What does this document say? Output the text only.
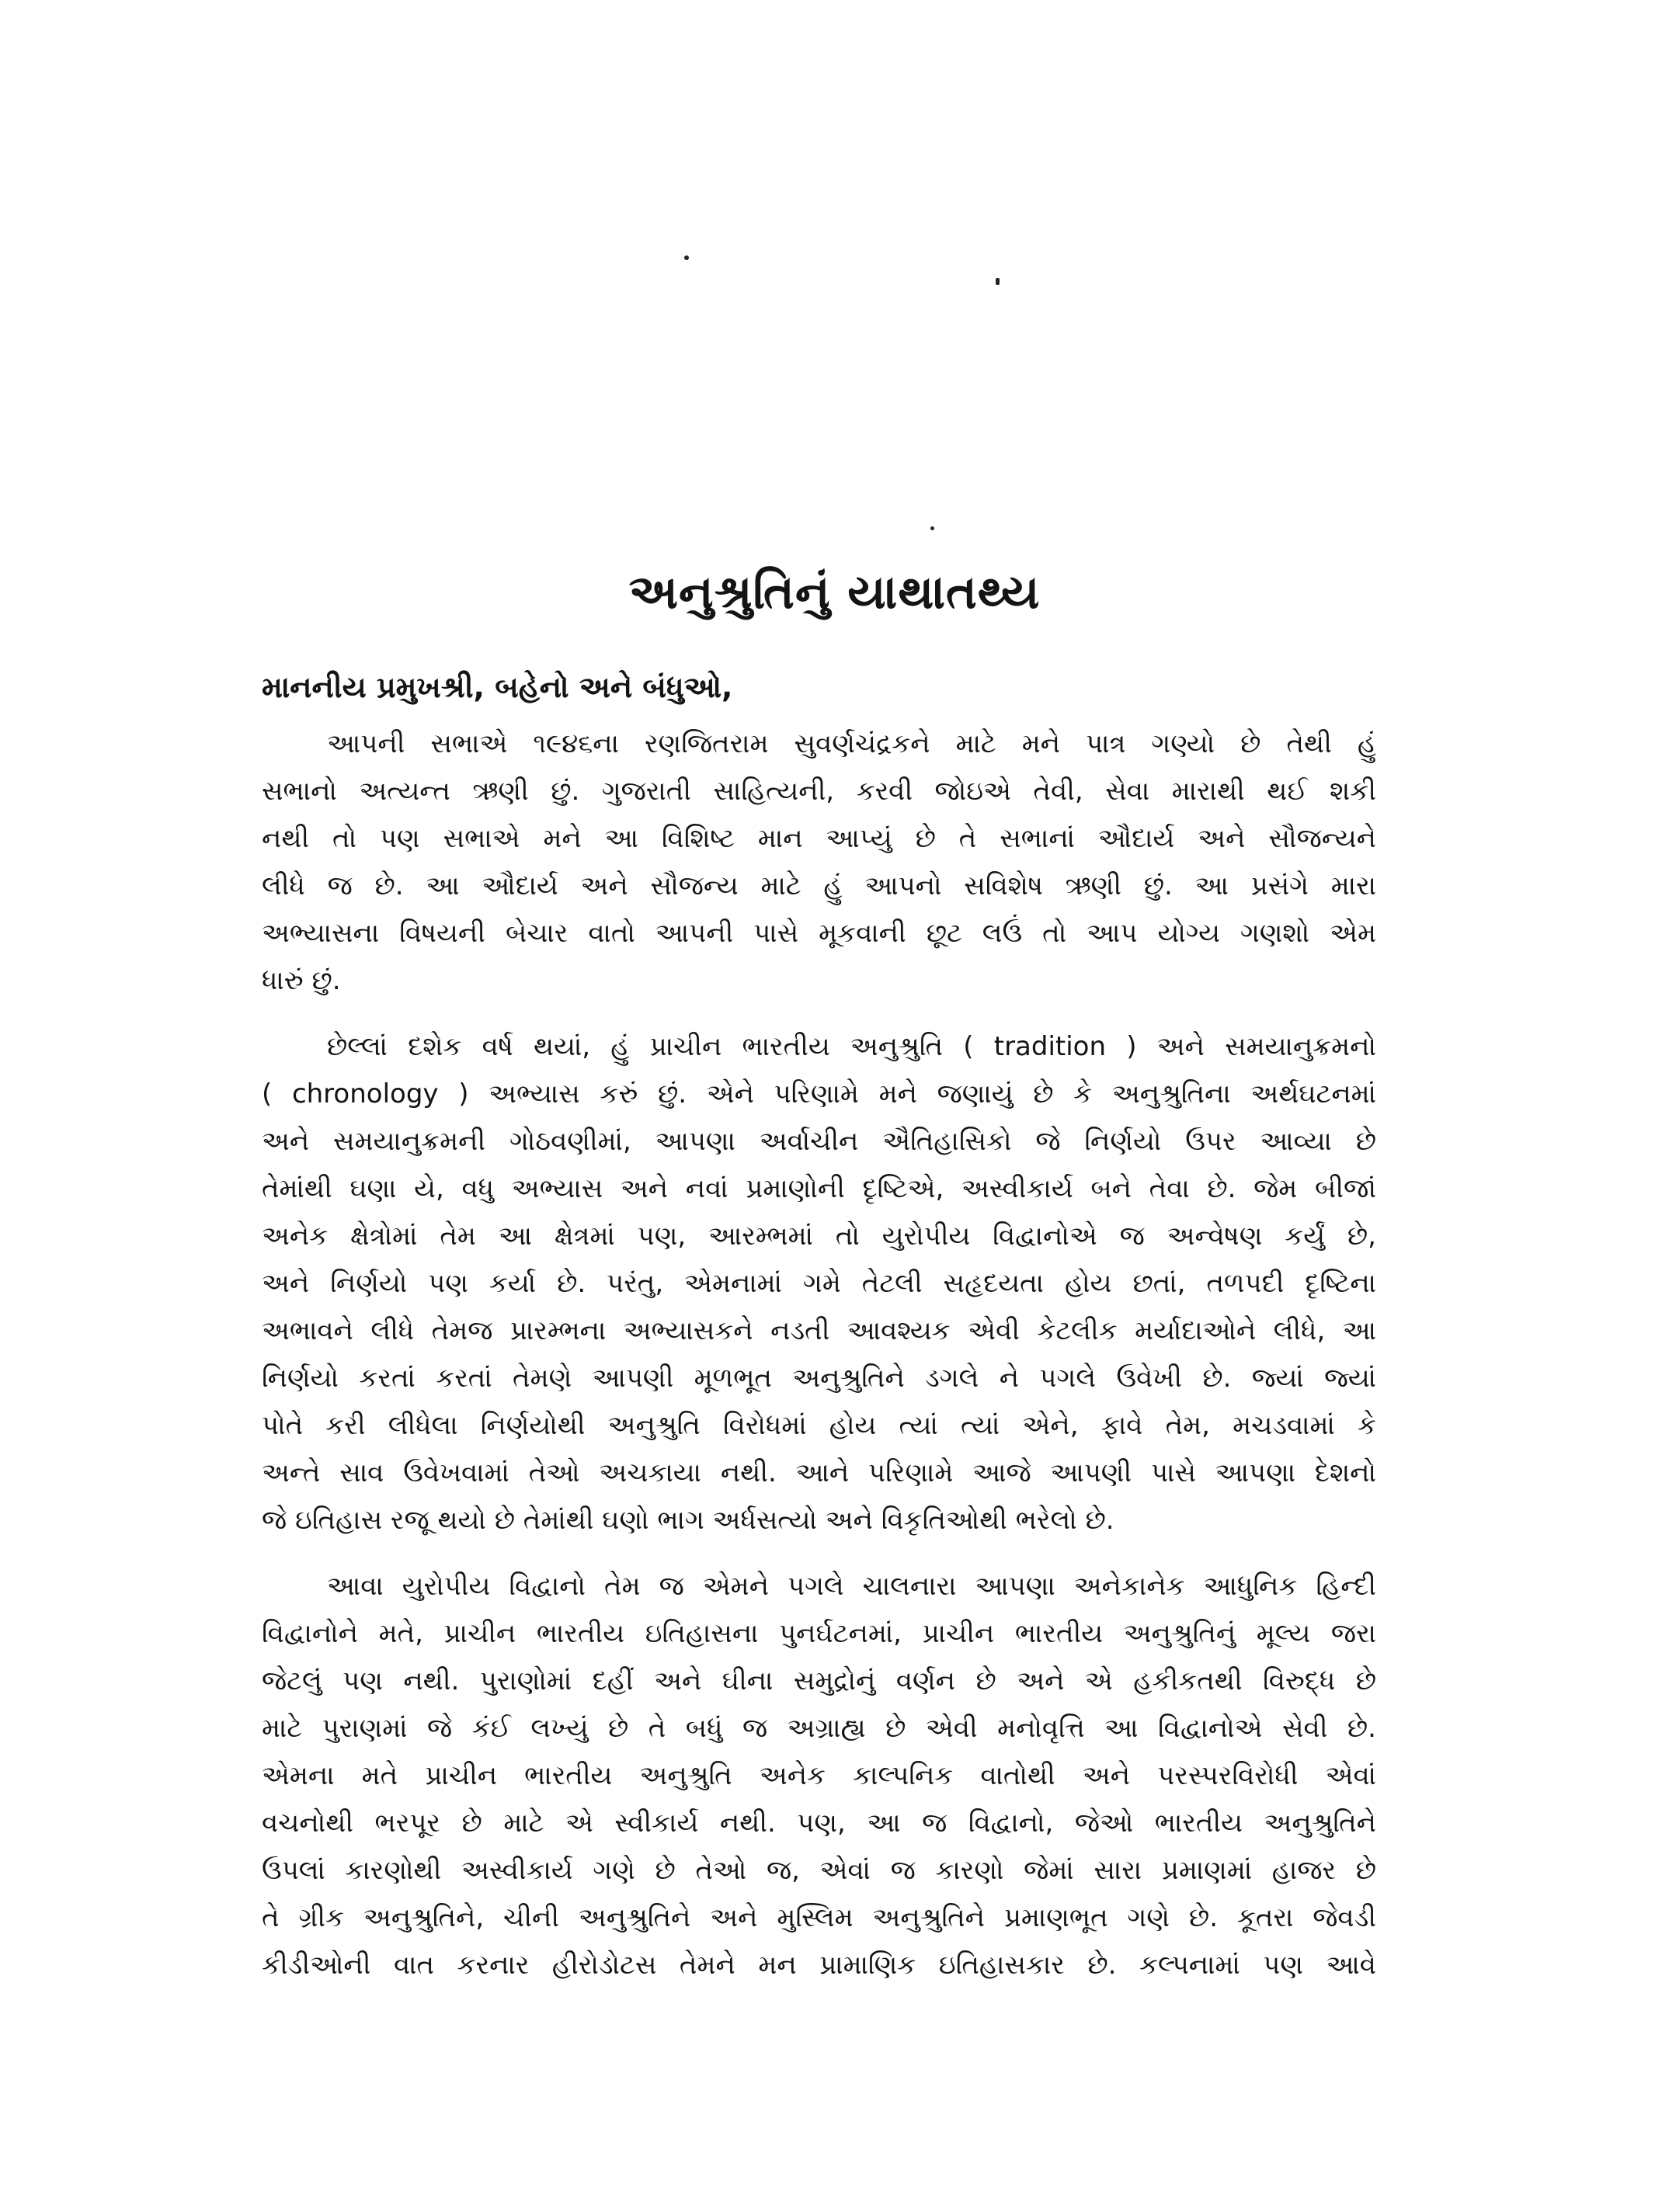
અનુશ્રુતિનું યાથાતથ્ય
માનનીય પ્રમુખશ્રી, બહેનો અને બંધુઓ,
આપની સભાએ ૧૯૪૬ના રણજિતરામ સુવર્ણચંદ્રકને માટે મને પાત્ર ગણ્યો છે તેથી હું
સભાનો અત્યન્ત ઋણી છું. ગુજરાતી સાહિત્યની, કરવી જોઇએ તેવી, સેવા મારાથી થઈ શકી
નથી તો પણ સભાએ મને આ વિશિષ્ટ માન આપ્યું છે તે સભાનાં ઔદાર્ય અને સૌજન્યને
લીધે જ છે. આ ઔદાર્ય અને સૌજન્ય માટે હું આપનો સવિશેષ ઋણી છું. આ પ્રસંગે મારા
અભ્યાસના વિષયની બેચાર વાતો આપની પાસે મૂકવાની છૂટ લઉં તો આપ યોગ્ય ગણશો એમ
ધારું છું.
છેલ્લાં દશેક વર્ષ થયાં, હું પ્રાચીન ભારતીય અનુશ્રુતિ ( tradition ) અને સમયાનુક્રમનો
( chronology ) અભ્યાસ કરું છું. એને પરિણામે મને જણાયું છે કે અનુશ્રુતિના અર્થઘટનમાં
અને સમયાનુક્રમની ગોઠવણીમાં, આપણા અર્વાચીન ઐતિહાસિકો જે નિર્ણયો ઉપર આવ્યા છે
તેમાંથી ઘણા યે, વધુ અભ્યાસ અને નવાં પ્રમાણોની દૃષ્ટિએ, અસ્વીકાર્ય બને તેવા છે. જેમ બીજાં
અનેક ક્ષેત્રોમાં તેમ આ ક્ષેત્રમાં પણ, આરમ્ભમાં તો યુરોપીય વિદ્વાનોએ જ અન્વેષણ કર્યું છે,
અને નિર્ણયો પણ કર્યા છે. પરંતુ, એમનામાં ગમે તેટલી સહૃદયતા હોય છતાં, તળપદી દૃષ્ટિના
અભાવને લીધે તેમજ પ્રારમ્ભના અભ્યાસકને નડતી આવશ્યક એવી કેટલીક મર્યાદાઓને લીધે, આ
નિર્ણયો કરતાં કરતાં તેમણે આપણી મૂળભૂત અનુશ્રુતિને ડગલે ને પગલે ઉવેખી છે. જ્યાં જ્યાં
પોતે કરી લીધેલા નિર્ણયોથી અનુશ્રુતિ વિરોધમાં હોય ત્યાં ત્યાં એને, ફાવે તેમ, મચડવામાં કે
અન્તે સાવ ઉવેખવામાં તેઓ અચકાયા નથી. આને પરિણામે આજે આપણી પાસે આપણા દેશનો
જે ઇતિહાસ રજૂ થયો છે તેમાંથી ઘણો ભાગ અર્ધસત્યો અને વિકૃતિઓથી ભરેલો છે.
આવા યુરોપીય વિદ્વાનો તેમ જ એમને પગલે ચાલનારા આપણા અનેકાનેક આધુનિક હિન્દી
વિદ્વાનોને મતે, પ્રાચીન ભારતીય ઇતિહાસના પુનર્ઘટનમાં, પ્રાચીન ભારતીય અનુશ્રુતિનું મૂલ્ય જરા
જેટલું પણ નથી. પુરાણોમાં દહીં અને ઘીના સમુદ્રોનું વર્ણન છે અને એ હકીકતથી વિરુદ્ધ છે
માટે પુરાણમાં જે કંઈ લખ્યું છે તે બધું જ અગ્રાહ્ય છે એવી મનોવૃત્તિ આ વિદ્વાનોએ સેવી છે.
એમના મતે પ્રાચીન ભારતીય અનુશ્રુતિ અનેક કાલ્પનિક વાતોથી અને પરસ્પરવિરોધી એવાં
વચનોથી ભરપૂર છે માટે એ સ્વીકાર્ય નથી. પણ, આ જ વિદ્વાનો, જેઓ ભારતીય અનુશ્રુતિને
ઉપલાં કારણોથી અસ્વીકાર્ય ગણે છે તેઓ જ, એવાં જ કારણો જેમાં સારા પ્રમાણમાં હાજર છે
તે ગ્રીક અનુશ્રુતિને, ચીની અનુશ્રુતિને અને મુસ્લિમ અનુશ્રુતિને પ્રમાણભૂત ગણે છે. કૂતરા જેવડી
કીડીઓની વાત કરનાર હીરોડોટસ તેમને મન પ્રામાણિક ઇતિહાસકાર છે. કલ્પનામાં પણ આવે
